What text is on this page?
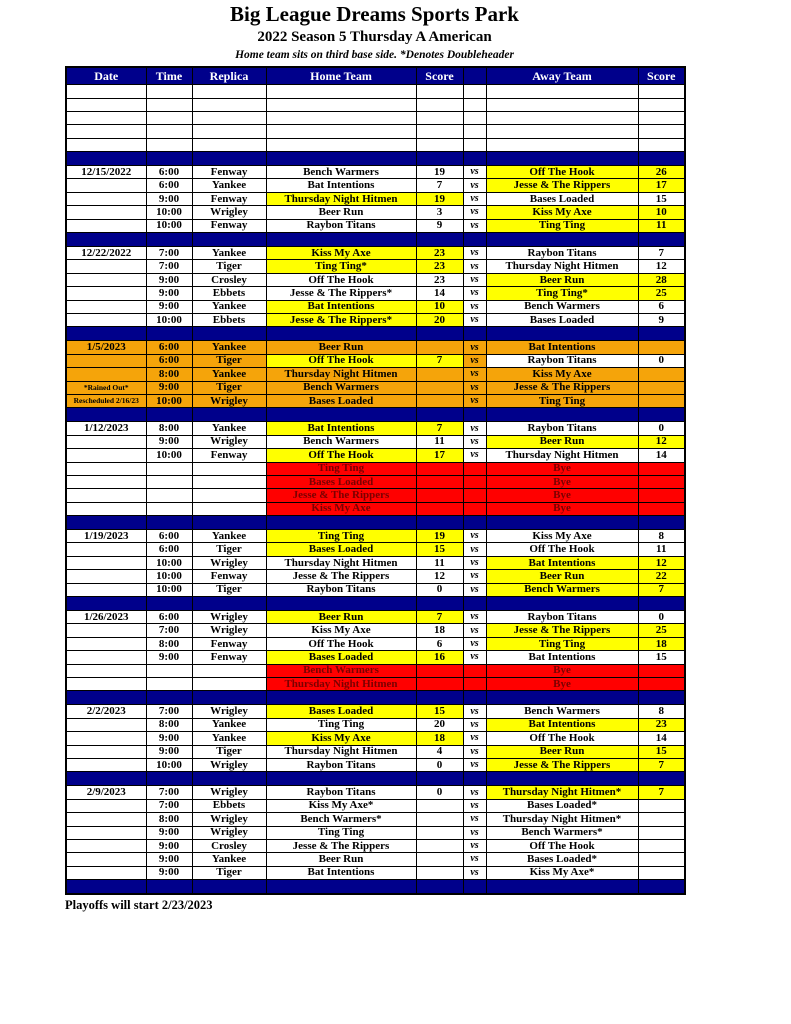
Big League Dreams Sports Park
2022 Season 5 Thursday A American
Home team sits on third base side. *Denotes Doubleheader
Date	Time	Replica	Home Team	Score		Away Team	Score

12/15/2022	6:00	Fenway	Bench Warmers	19	vs	Off The Hook	26
	6:00	Yankee	Bat Intentions	7	vs	Jesse & The Rippers	17
	9:00	Fenway	Thursday Night Hitmen	19	vs	Bases Loaded	15
	10:00	Wrigley	Beer Run	3	vs	Kiss My Axe	10
	10:00	Fenway	Raybon Titans	9	vs	Ting Ting	11

12/22/2022	7:00	Yankee	Kiss My Axe	23	vs	Raybon Titans	7
	7:00	Tiger	Ting Ting*	23	vs	Thursday Night Hitmen	12
	9:00	Crosley	Off The Hook	23	vs	Beer Run	28
	9:00	Ebbets	Jesse & The Rippers*	14	vs	Ting Ting*	25
	9:00	Yankee	Bat Intentions	10	vs	Bench Warmers	6
	10:00	Ebbets	Jesse & The Rippers*	20	vs	Bases Loaded	9

1/5/2023	6:00	Yankee	Beer Run		vs	Bat Intentions	
	6:00	Tiger	Off The Hook	7	vs	Raybon Titans	0
	8:00	Yankee	Thursday Night Hitmen		vs	Kiss My Axe	
*Rained Out*	9:00	Tiger	Bench Warmers		vs	Jesse & The Rippers	
Rescheduled 2/16/23	10:00	Wrigley	Bases Loaded		vs	Ting Ting	

1/12/2023	8:00	Yankee	Bat Intentions	7	vs	Raybon Titans	0
	9:00	Wrigley	Bench Warmers	11	vs	Beer Run	12
	10:00	Fenway	Off The Hook	17	vs	Thursday Night Hitmen	14
			Ting Ting			Bye	
			Bases Loaded			Bye	
			Jesse & The Rippers			Bye	
			Kiss My Axe			Bye	

1/19/2023	6:00	Yankee	Ting Ting	19	vs	Kiss My Axe	8
	6:00	Tiger	Bases Loaded	15	vs	Off The Hook	11
	10:00	Wrigley	Thursday Night Hitmen	11	vs	Bat Intentions	12
	10:00	Fenway	Jesse & The Rippers	12	vs	Beer Run	22
	10:00	Tiger	Raybon Titans	0	vs	Bench Warmers	7

1/26/2023	6:00	Wrigley	Beer Run	7	vs	Raybon Titans	0
	7:00	Wrigley	Kiss My Axe	18	vs	Jesse & The Rippers	25
	8:00	Fenway	Off The Hook	6	vs	Ting Ting	18
	9:00	Fenway	Bases Loaded	16	vs	Bat Intentions	15
			Bench Warmers			Bye	
			Thursday Night Hitmen			Bye	

2/2/2023	7:00	Wrigley	Bases Loaded	15	vs	Bench Warmers	8
	8:00	Yankee	Ting Ting	20	vs	Bat Intentions	23
	9:00	Yankee	Kiss My Axe	18	vs	Off The Hook	14
	9:00	Tiger	Thursday Night Hitmen	4	vs	Beer Run	15
	10:00	Wrigley	Raybon Titans	0	vs	Jesse & The Rippers	7

2/9/2023	7:00	Wrigley	Raybon Titans	0	vs	Thursday Night Hitmen*	7
	7:00	Ebbets	Kiss My Axe*		vs	Bases Loaded*	
	8:00	Wrigley	Bench Warmers*		vs	Thursday Night Hitmen*	
	9:00	Wrigley	Ting Ting		vs	Bench Warmers*	
	9:00	Crosley	Jesse & The Rippers		vs	Off The Hook	
	9:00	Yankee	Beer Run		vs	Bases Loaded*	
	9:00	Tiger	Bat Intentions		vs	Kiss My Axe*	

Playoffs will start 2/23/2023
